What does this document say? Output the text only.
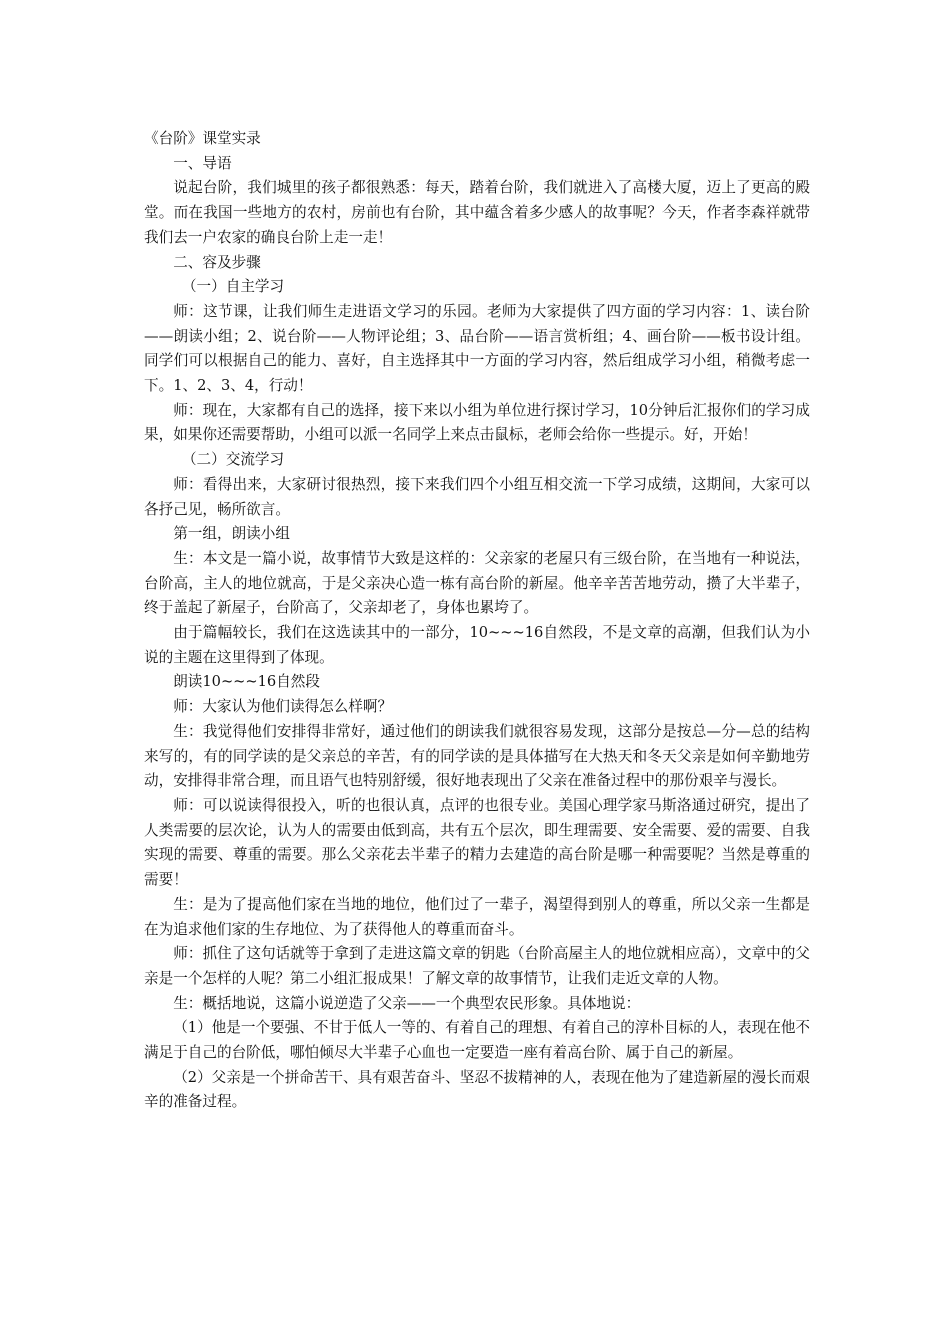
《台阶》课堂实录

一、导语

说起台阶，我们城里的孩子都很熟悉：每天，踏着台阶，我们就进入了高楼大厦，迈上了更高的殿堂。而在我国一些地方的农村，房前也有台阶，其中蕴含着多少感人的故事呢？今天，作者李森祥就带我们去一户农家的确良台阶上走一走！

二、容及步骤

（一）自主学习

师：这节课，让我们师生走进语文学习的乐园。老师为大家提供了四方面的学习内容：1、读台阶——朗读小组；2、说台阶——人物评论组；3、品台阶——语言赏析组；4、画台阶——板书设计组。同学们可以根据自己的能力、喜好，自主选择其中一方面的学习内容，然后组成学习小组，稍微考虑一下。1、2、3、4，行动！

师：现在，大家都有自己的选择，接下来以小组为单位进行探讨学习，10分钟后汇报你们的学习成果，如果你还需要帮助，小组可以派一名同学上来点击鼠标，老师会给你一些提示。好，开始！

（二）交流学习

师：看得出来，大家研讨很热烈，接下来我们四个小组互相交流一下学习成绩，这期间，大家可以各抒己见，畅所欲言。

第一组，朗读小组

生：本文是一篇小说，故事情节大致是这样的：父亲家的老屋只有三级台阶，在当地有一种说法，台阶高，主人的地位就高，于是父亲决心造一栋有高台阶的新屋。他辛辛苦苦地劳动，攒了大半辈子，终于盖起了新屋子，台阶高了，父亲却老了，身体也累垮了。

由于篇幅较长，我们在这选读其中的一部分，10~~~16自然段，不是文章的高潮，但我们认为小说的主题在这里得到了体现。

朗读10~~~16自然段

师：大家认为他们读得怎么样啊？

生：我觉得他们安排得非常好，通过他们的朗读我们就很容易发现，这部分是按总—分—总的结构来写的，有的同学读的是父亲总的辛苦，有的同学读的是具体描写在大热天和冬天父亲是如何辛勤地劳动，安排得非常合理，而且语气也特别舒缓，很好地表现出了父亲在准备过程中的那份艰辛与漫长。

师：可以说读得很投入，听的也很认真，点评的也很专业。美国心理学家马斯洛通过研究，提出了人类需要的层次论，认为人的需要由低到高，共有五个层次，即生理需要、安全需要、爱的需要、自我实现的需要、尊重的需要。那么父亲花去半辈子的精力去建造的高台阶是哪一种需要呢？当然是尊重的需要！

生：是为了提高他们家在当地的地位，他们过了一辈子，渴望得到别人的尊重，所以父亲一生都是在为追求他们家的生存地位、为了获得他人的尊重而奋斗。

师：抓住了这句话就等于拿到了走进这篇文章的钥匙（台阶高屋主人的地位就相应高），文章中的父亲是一个怎样的人呢？第二小组汇报成果！了解文章的故事情节，让我们走近文章的人物。

生：概括地说，这篇小说逆造了父亲——一个典型农民形象。具体地说：

（1）他是一个要强、不甘于低人一等的、有着自己的理想、有着自己的淳朴目标的人，表现在他不满足于自己的台阶低，哪怕倾尽大半辈子心血也一定要造一座有着高台阶、属于自己的新屋。

（2）父亲是一个拼命苦干、具有艰苦奋斗、坚忍不拔精神的人，表现在他为了建造新屋的漫长而艰辛的准备过程。
